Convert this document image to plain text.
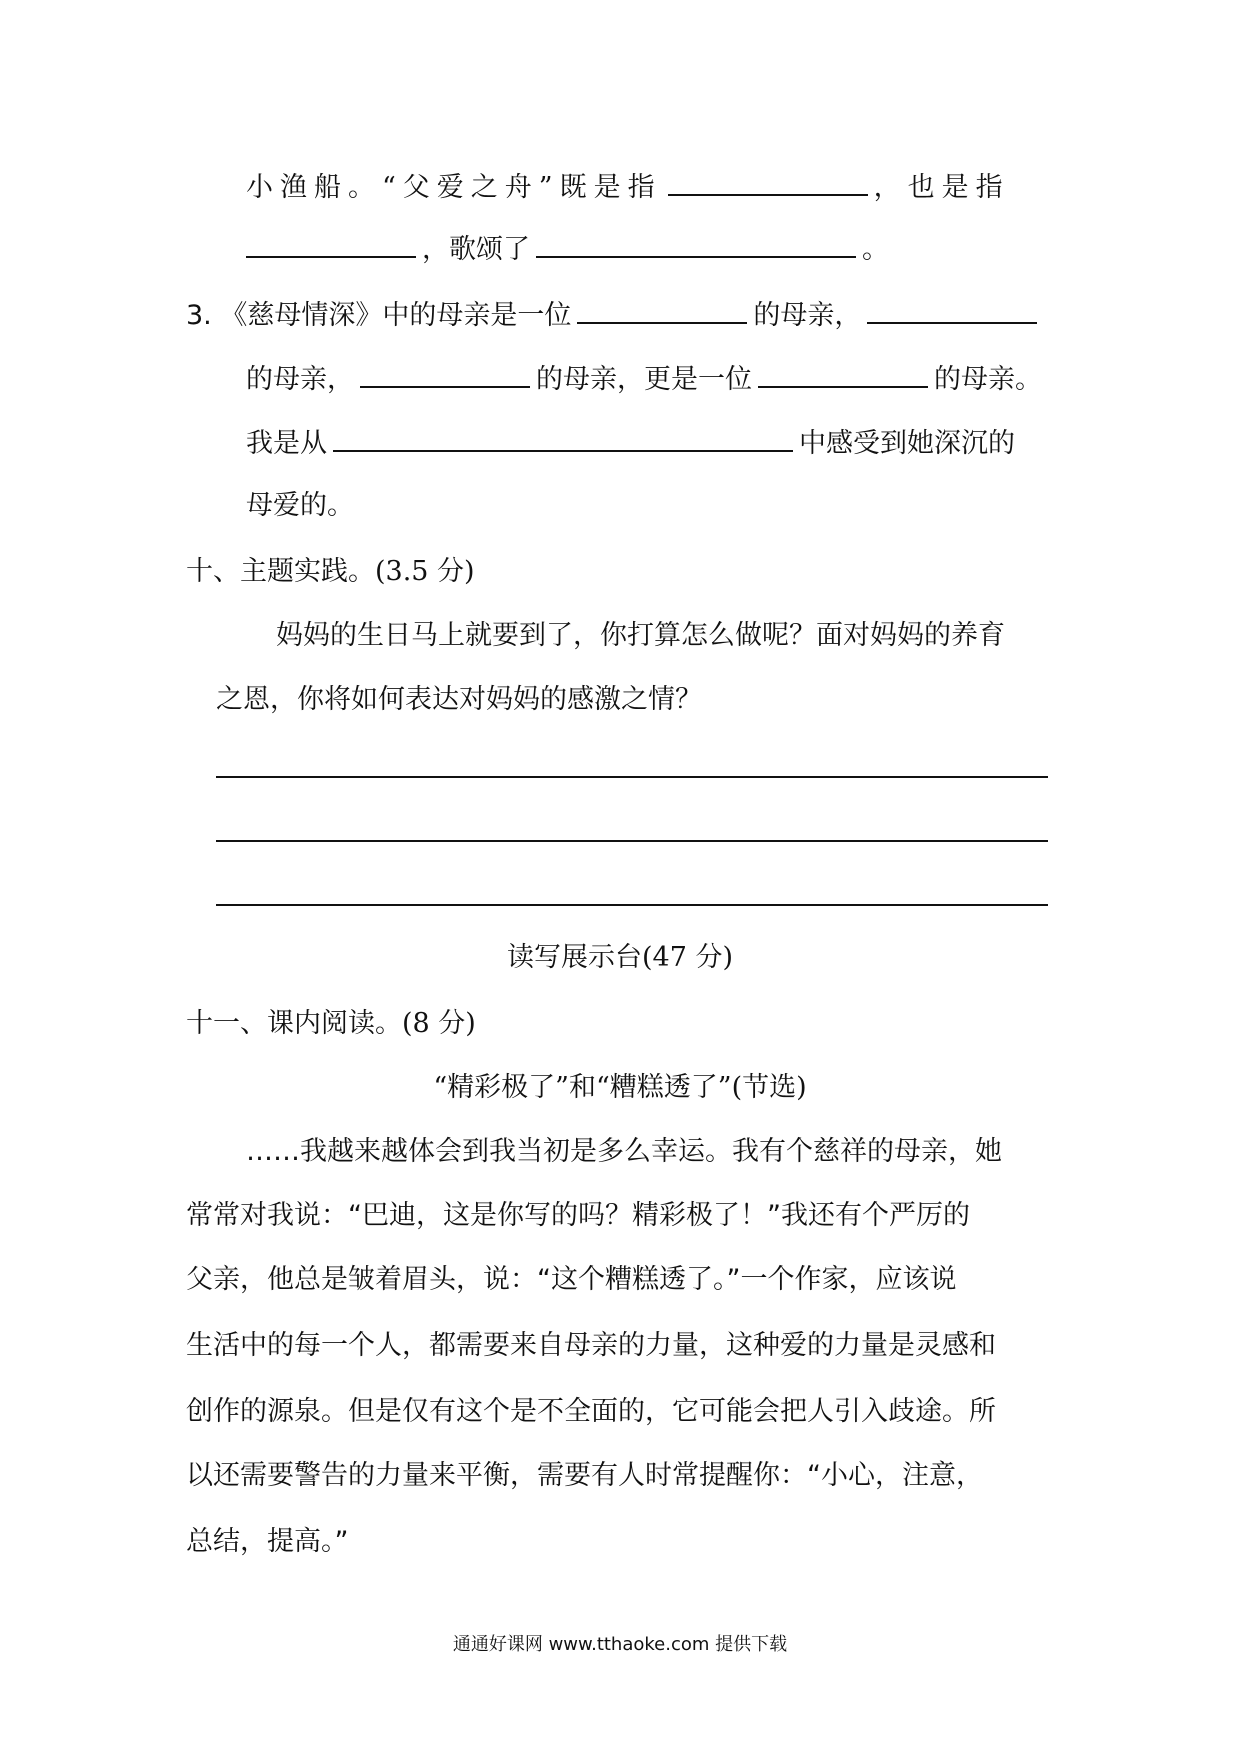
小渔船。“父爱之舟”既是指	，也是指
，歌颂了	。
3. 《慈母情深》中的母亲是一位	的母亲，
的母亲，	的母亲，更是一位	的母亲。
我是从	中感受到她深沉的
母爱的。
十、主题实践。(3.5 分)
妈妈的生日马上就要到了，你打算怎么做呢？面对妈妈的养育
之恩，你将如何表达对妈妈的感激之情？
读写展示台(47 分)
十一、课内阅读。(8 分)
“精彩极了”和“糟糕透了”(节选)
……我越来越体会到我当初是多么幸运。我有个慈祥的母亲，她
常常对我说：“巴迪，这是你写的吗？精彩极了！”我还有个严厉的
父亲，他总是皱着眉头，说：“这个糟糕透了。”一个作家，应该说
生活中的每一个人，都需要来自母亲的力量，这种爱的力量是灵感和
创作的源泉。但是仅有这个是不全面的，它可能会把人引入歧途。所
以还需要警告的力量来平衡，需要有人时常提醒你：“小心，注意，
总结，提高。”
通通好课网 www.tthaoke.com 提供下载
